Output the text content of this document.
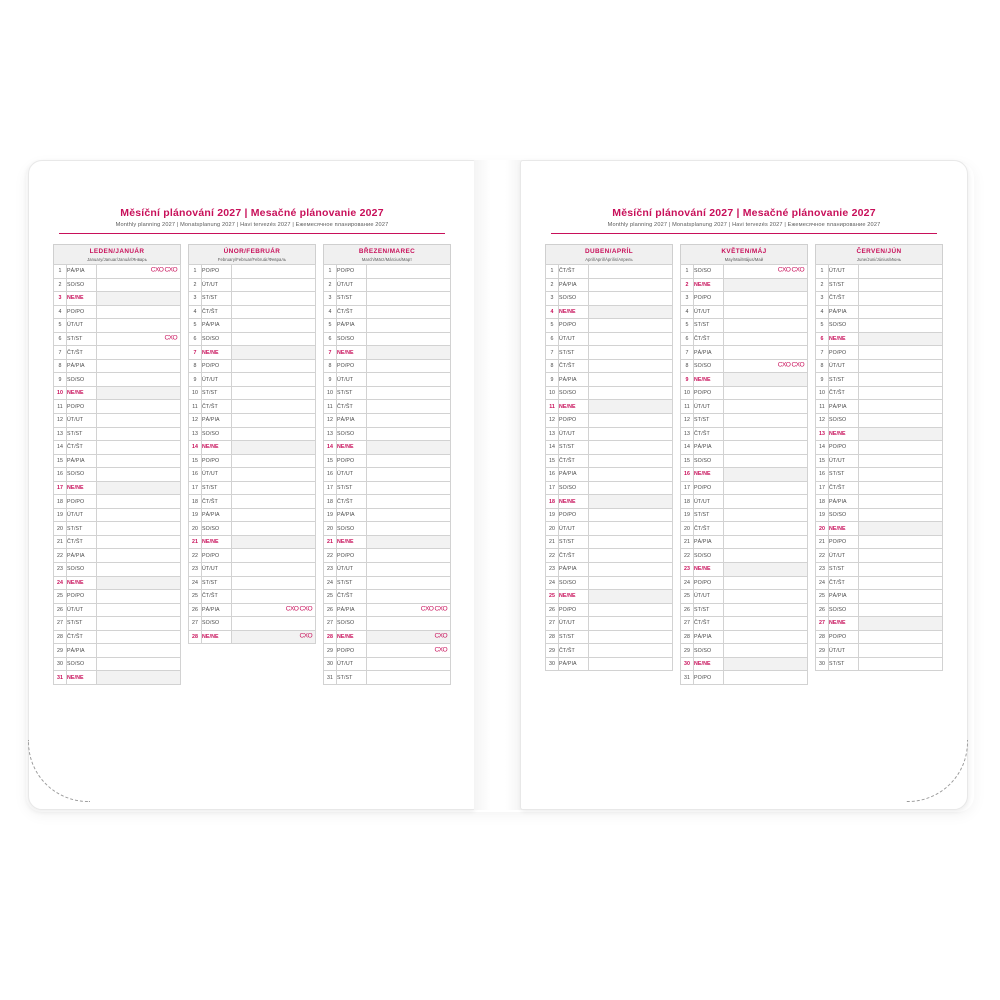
Měsíční plánování 2027 | Mesačné plánovanie 2027
Monthly planning 2027 | Monatsplanung 2027 | Havi tervezés 2027 | Ежемесячное планирование 2027
LEDEN/JANUÁR
January/Januar/Január/Январь
1	PÁ/PIA	CXO CXO

2	SO/SO	
3	NE/NE	
4	PO/PO	
5	ÚT/UT	
6	ST/ST	CXO

7	ČT/ŠT	
8	PÁ/PIA	
9	SO/SO	
10	NE/NE	
11	PO/PO	
12	ÚT/UT	
13	ST/ST	
14	ČT/ŠT	
15	PÁ/PIA	
16	SO/SO	
17	NE/NE	
18	PO/PO	
19	ÚT/UT	
20	ST/ST	
21	ČT/ŠT	
22	PÁ/PIA	
23	SO/SO	
24	NE/NE	
25	PO/PO	
26	ÚT/UT	
27	ST/ST	
28	ČT/ŠT	
29	PÁ/PIA	
30	SO/SO	
31	NE/NE	
ÚNOR/FEBRUÁR
February/Februar/Február/Февраль
1	PO/PO	
2	ÚT/UT	
3	ST/ST	
4	ČT/ŠT	
5	PÁ/PIA	
6	SO/SO	
7	NE/NE	
8	PO/PO	
9	ÚT/UT	
10	ST/ST	
11	ČT/ŠT	
12	PÁ/PIA	
13	SO/SO	
14	NE/NE	
15	PO/PO	
16	ÚT/UT	
17	ST/ST	
18	ČT/ŠT	
19	PÁ/PIA	
20	SO/SO	
21	NE/NE	
22	PO/PO	
23	ÚT/UT	
24	ST/ST	
25	ČT/ŠT	
26	PÁ/PIA	CXO CXO

27	SO/SO	
28	NE/NE	CXO
BŘEZEN/MAREC
March/März/Március/Март
1	PO/PO	
2	ÚT/UT	
3	ST/ST	
4	ČT/ŠT	
5	PÁ/PIA	
6	SO/SO	
7	NE/NE	
8	PO/PO	
9	ÚT/UT	
10	ST/ST	
11	ČT/ŠT	
12	PÁ/PIA	
13	SO/SO	
14	NE/NE	
15	PO/PO	
16	ÚT/UT	
17	ST/ST	
18	ČT/ŠT	
19	PÁ/PIA	
20	SO/SO	
21	NE/NE	
22	PO/PO	
23	ÚT/UT	
24	ST/ST	
25	ČT/ŠT	
26	PÁ/PIA	CXO CXO

27	SO/SO	
28	NE/NE	CXO

29	PO/PO	CXO

30	ÚT/UT	
31	ST/ST	
Měsíční plánování 2027 | Mesačné plánovanie 2027
Monthly planning 2027 | Monatsplanung 2027 | Havi tervezés 2027 | Ежемесячное планирование 2027
DUBEN/APRÍL
April/April/Április/Апрель
1	ČT/ŠT	
2	PÁ/PIA	
3	SO/SO	
4	NE/NE	
5	PO/PO	
6	ÚT/UT	
7	ST/ST	
8	ČT/ŠT	
9	PÁ/PIA	
10	SO/SO	
11	NE/NE	
12	PO/PO	
13	ÚT/UT	
14	ST/ST	
15	ČT/ŠT	
16	PÁ/PIA	
17	SO/SO	
18	NE/NE	
19	PO/PO	
20	ÚT/UT	
21	ST/ST	
22	ČT/ŠT	
23	PÁ/PIA	
24	SO/SO	
25	NE/NE	
26	PO/PO	
27	ÚT/UT	
28	ST/ST	
29	ČT/ŠT	
30	PÁ/PIA	
KVĚTEN/MÁJ
May/Mai/Május/Май
1	SO/SO	CXO CXO

2	NE/NE	
3	PO/PO	
4	ÚT/UT	
5	ST/ST	
6	ČT/ŠT	
7	PÁ/PIA	
8	SO/SO	CXO CXO

9	NE/NE	
10	PO/PO	
11	ÚT/UT	
12	ST/ST	
13	ČT/ŠT	
14	PÁ/PIA	
15	SO/SO	
16	NE/NE	
17	PO/PO	
18	ÚT/UT	
19	ST/ST	
20	ČT/ŠT	
21	PÁ/PIA	
22	SO/SO	
23	NE/NE	
24	PO/PO	
25	ÚT/UT	
26	ST/ST	
27	ČT/ŠT	
28	PÁ/PIA	
29	SO/SO	
30	NE/NE	
31	PO/PO	
ČERVEN/JÚN
June/Juni/Június/Июнь
1	ÚT/UT	
2	ST/ST	
3	ČT/ŠT	
4	PÁ/PIA	
5	SO/SO	
6	NE/NE	
7	PO/PO	
8	ÚT/UT	
9	ST/ST	
10	ČT/ŠT	
11	PÁ/PIA	
12	SO/SO	
13	NE/NE	
14	PO/PO	
15	ÚT/UT	
16	ST/ST	
17	ČT/ŠT	
18	PÁ/PIA	
19	SO/SO	
20	NE/NE	
21	PO/PO	
22	ÚT/UT	
23	ST/ST	
24	ČT/ŠT	
25	PÁ/PIA	
26	SO/SO	
27	NE/NE	
28	PO/PO	
29	ÚT/UT	
30	ST/ST	
